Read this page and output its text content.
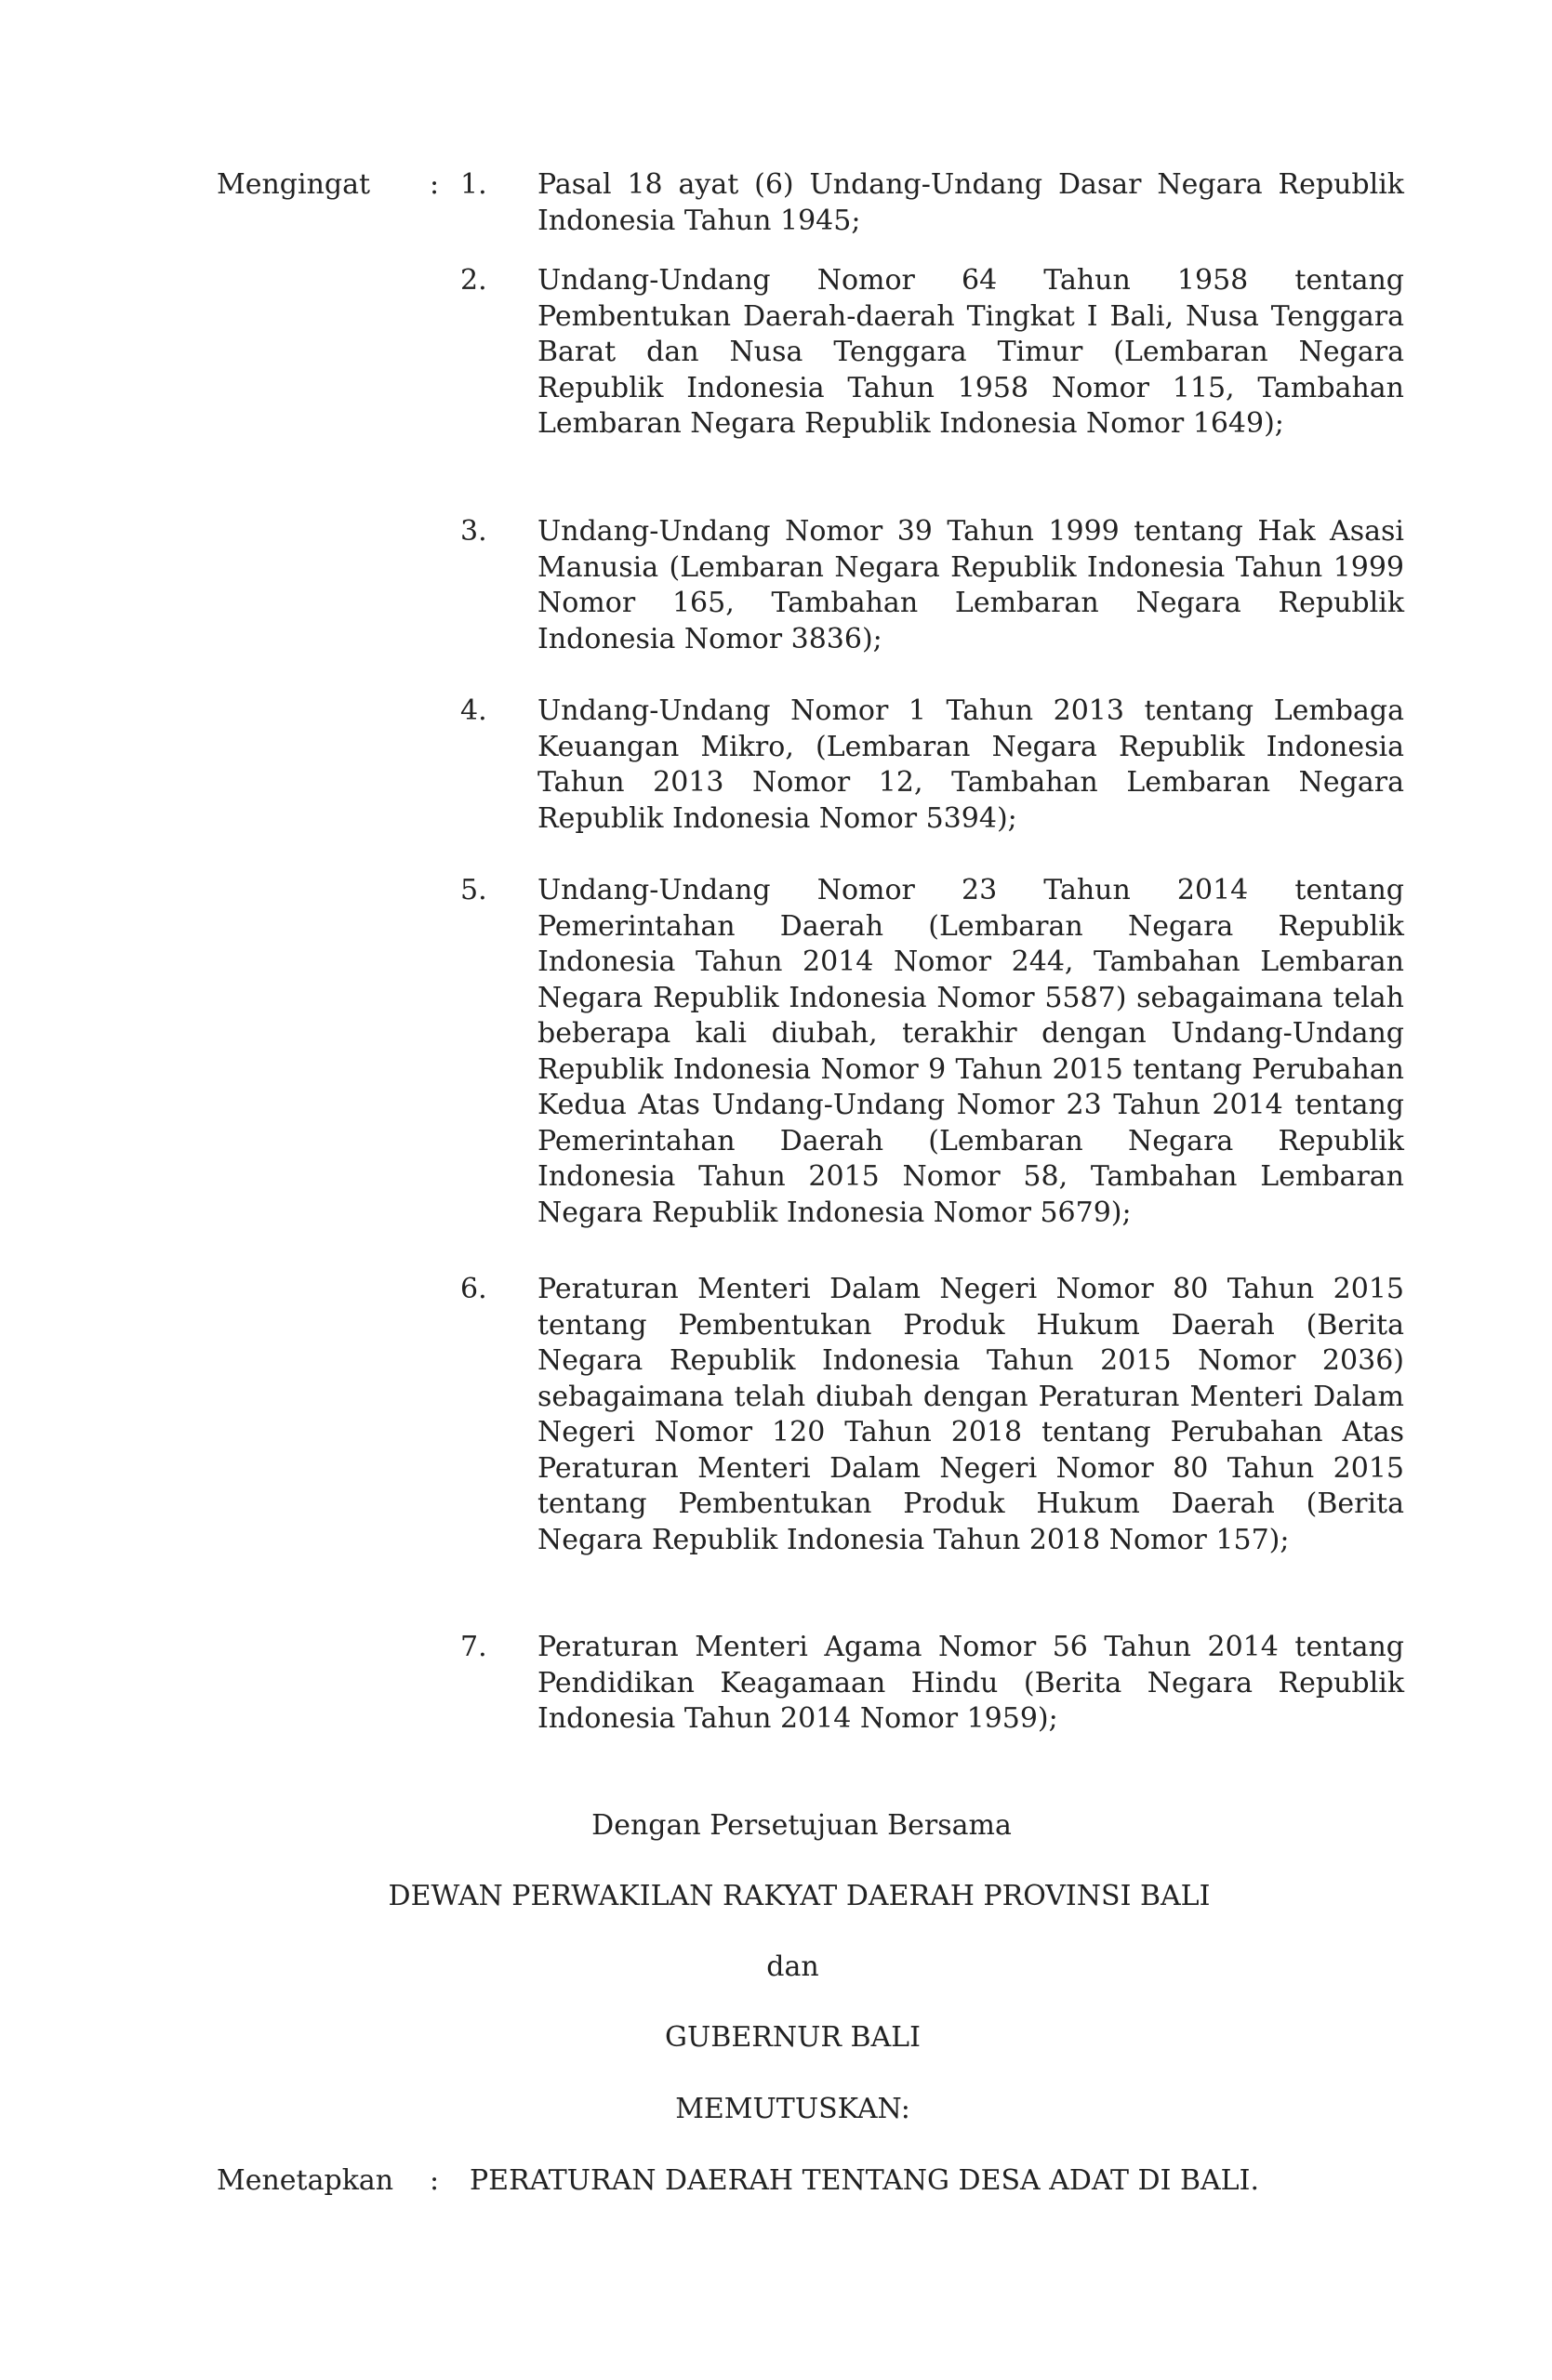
Mengingat : 1.	Pasal 18 ayat (6) Undang-Undang Dasar Negara Republik Indonesia Tahun 1945;
2.	Undang-Undang Nomor 64 Tahun 1958 tentang Pembentukan Daerah-daerah Tingkat I Bali, Nusa Tenggara Barat dan Nusa Tenggara Timur (Lembaran Negara Republik Indonesia Tahun 1958 Nomor 115, Tambahan Lembaran Negara Republik Indonesia Nomor 1649);
3.	Undang-Undang Nomor 39 Tahun 1999 tentang Hak Asasi Manusia (Lembaran Negara Republik Indonesia Tahun 1999 Nomor 165, Tambahan Lembaran Negara Republik Indonesia Nomor 3836);
4.	Undang-Undang Nomor 1 Tahun 2013 tentang Lembaga Keuangan Mikro, (Lembaran Negara Republik Indonesia Tahun 2013 Nomor 12, Tambahan Lembaran Negara Republik Indonesia Nomor 5394);
5.	Undang-Undang Nomor 23 Tahun 2014 tentang Pemerintahan Daerah (Lembaran Negara Republik Indonesia Tahun 2014 Nomor 244, Tambahan Lembaran Negara Republik Indonesia Nomor 5587) sebagaimana telah beberapa kali diubah, terakhir dengan Undang-Undang Republik Indonesia Nomor 9 Tahun 2015 tentang Perubahan Kedua Atas Undang-Undang Nomor 23 Tahun 2014 tentang Pemerintahan Daerah (Lembaran Negara Republik Indonesia Tahun 2015 Nomor 58, Tambahan Lembaran Negara Republik Indonesia Nomor 5679);
6.	Peraturan Menteri Dalam Negeri Nomor 80 Tahun 2015 tentang Pembentukan Produk Hukum Daerah (Berita Negara Republik Indonesia Tahun 2015 Nomor 2036) sebagaimana telah diubah dengan Peraturan Menteri Dalam Negeri Nomor 120 Tahun 2018 tentang Perubahan Atas Peraturan Menteri Dalam Negeri Nomor 80 Tahun 2015 tentang Pembentukan Produk Hukum Daerah (Berita Negara Republik Indonesia Tahun 2018 Nomor 157);
7.	Peraturan Menteri Agama Nomor 56 Tahun 2014 tentang Pendidikan Keagamaan Hindu (Berita Negara Republik Indonesia Tahun 2014 Nomor 1959);
Dengan Persetujuan Bersama
DEWAN PERWAKILAN RAKYAT DAERAH PROVINSI BALI
dan
GUBERNUR BALI
MEMUTUSKAN:
Menetapkan : PERATURAN DAERAH TENTANG DESA ADAT DI BALI.
